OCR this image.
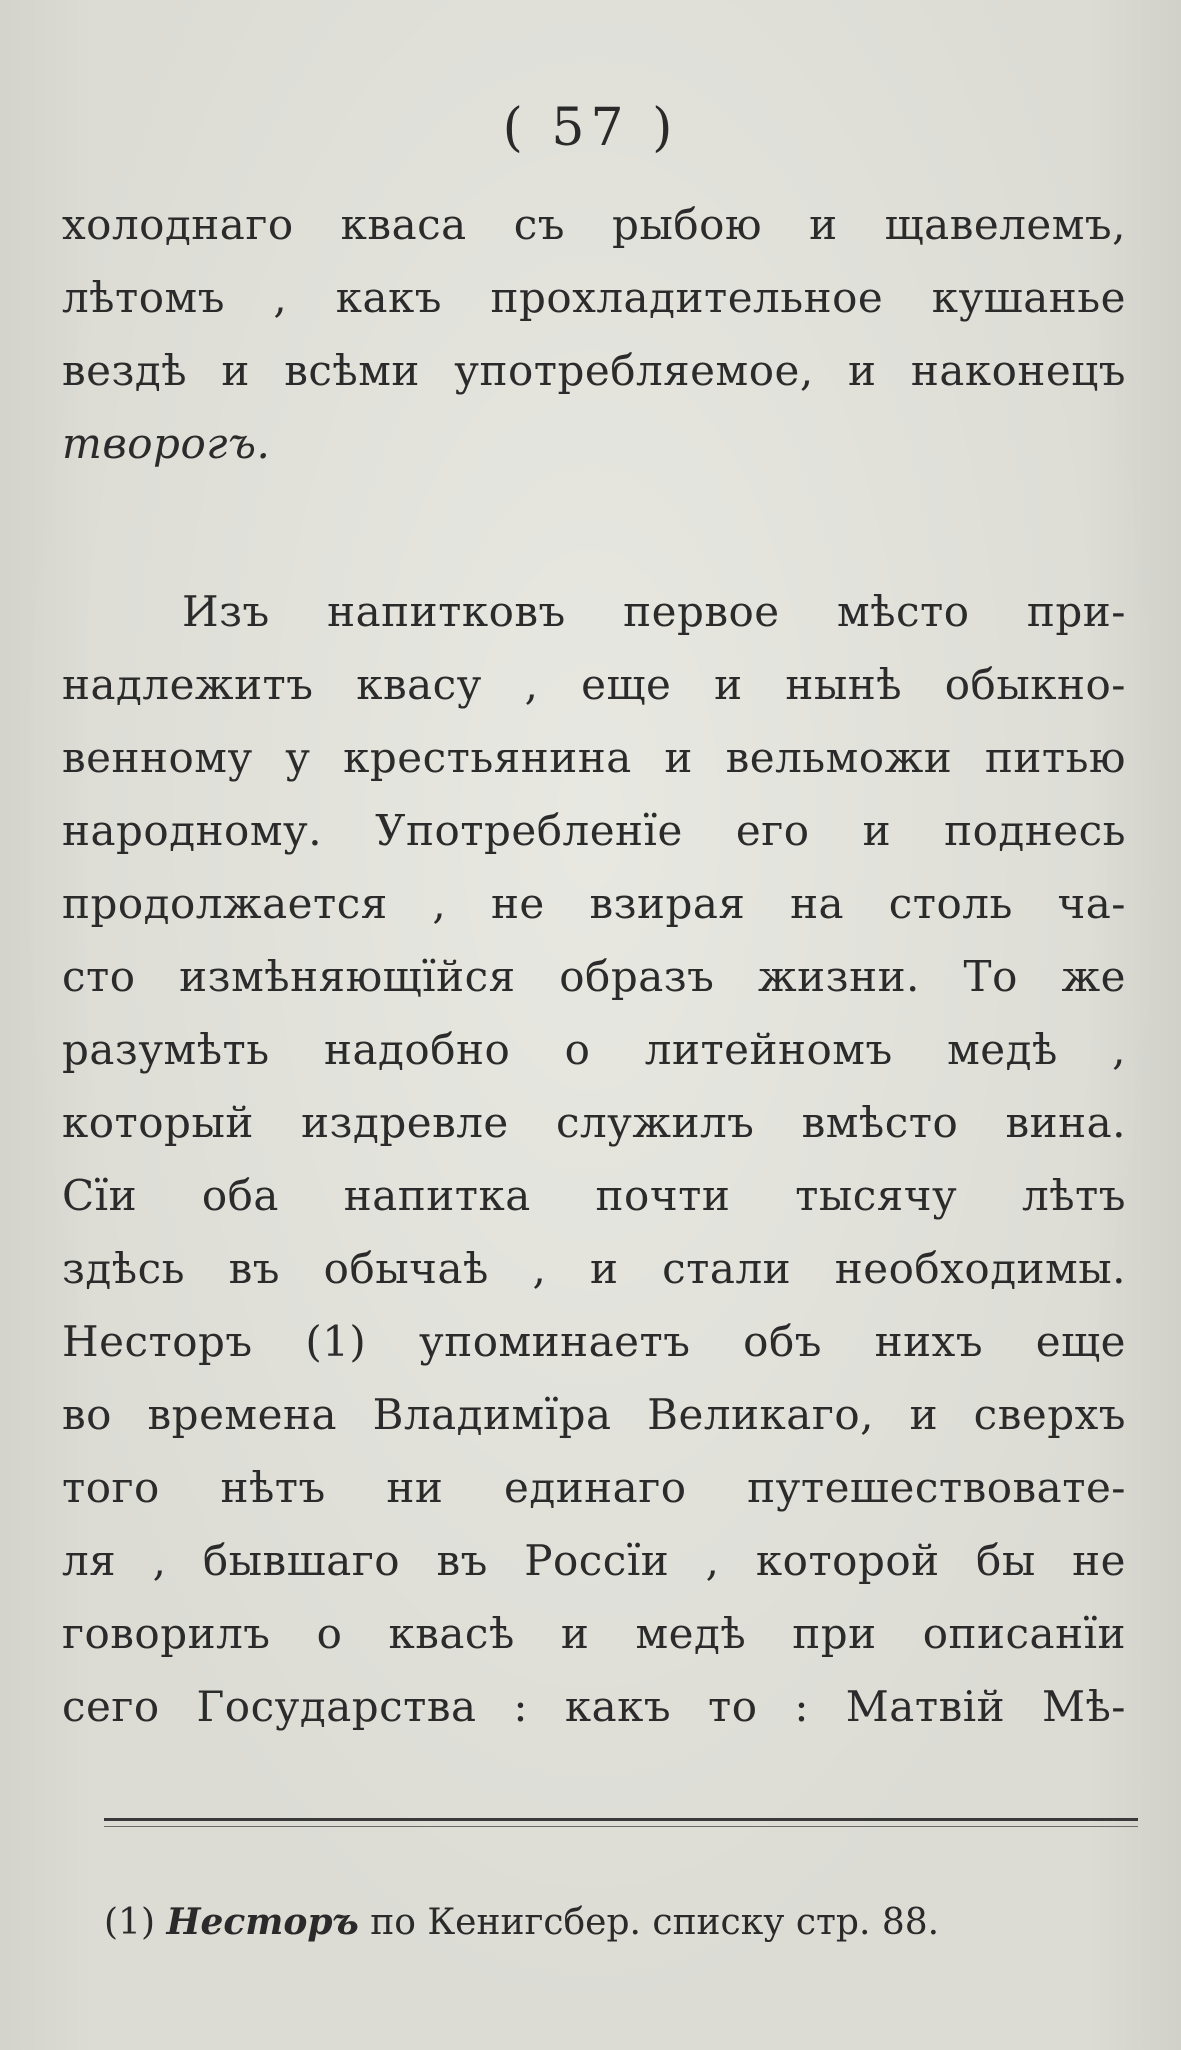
( 57 )
холоднаго кваса съ рыбою и щавелемъ,
лѣтомъ , какъ прохладительное кушанье
вездѣ и всѣми употребляемое, и наконецъ
творогъ.
Изъ напитковъ первое мѣсто при-
надлежитъ квасу , еще и нынѣ обыкно-
венному у крестьянина и вельможи питью
народному. Употребленїе его и поднесь
продолжается , не взирая на столь ча-
сто измѣняющїйся образъ жизни. То же
разумѣть надобно о литейномъ медѣ ,
который издревле служилъ вмѣсто вина.
Сїи оба напитка почти тысячу лѣтъ
здѣсь въ обычаѣ , и стали необходимы.
Несторъ (1) упоминаетъ объ нихъ еще
во времена Владимїра Великаго, и сверхъ
того нѣтъ ни единаго путешествовате-
ля , бывшаго въ Россїи , которой бы не
говорилъ о квасѣ и медѣ при описанїи
сего Государства : какъ то : Матвій Мѣ-
(1) Несторъ по Кенигсбер. списку стр. 88.
